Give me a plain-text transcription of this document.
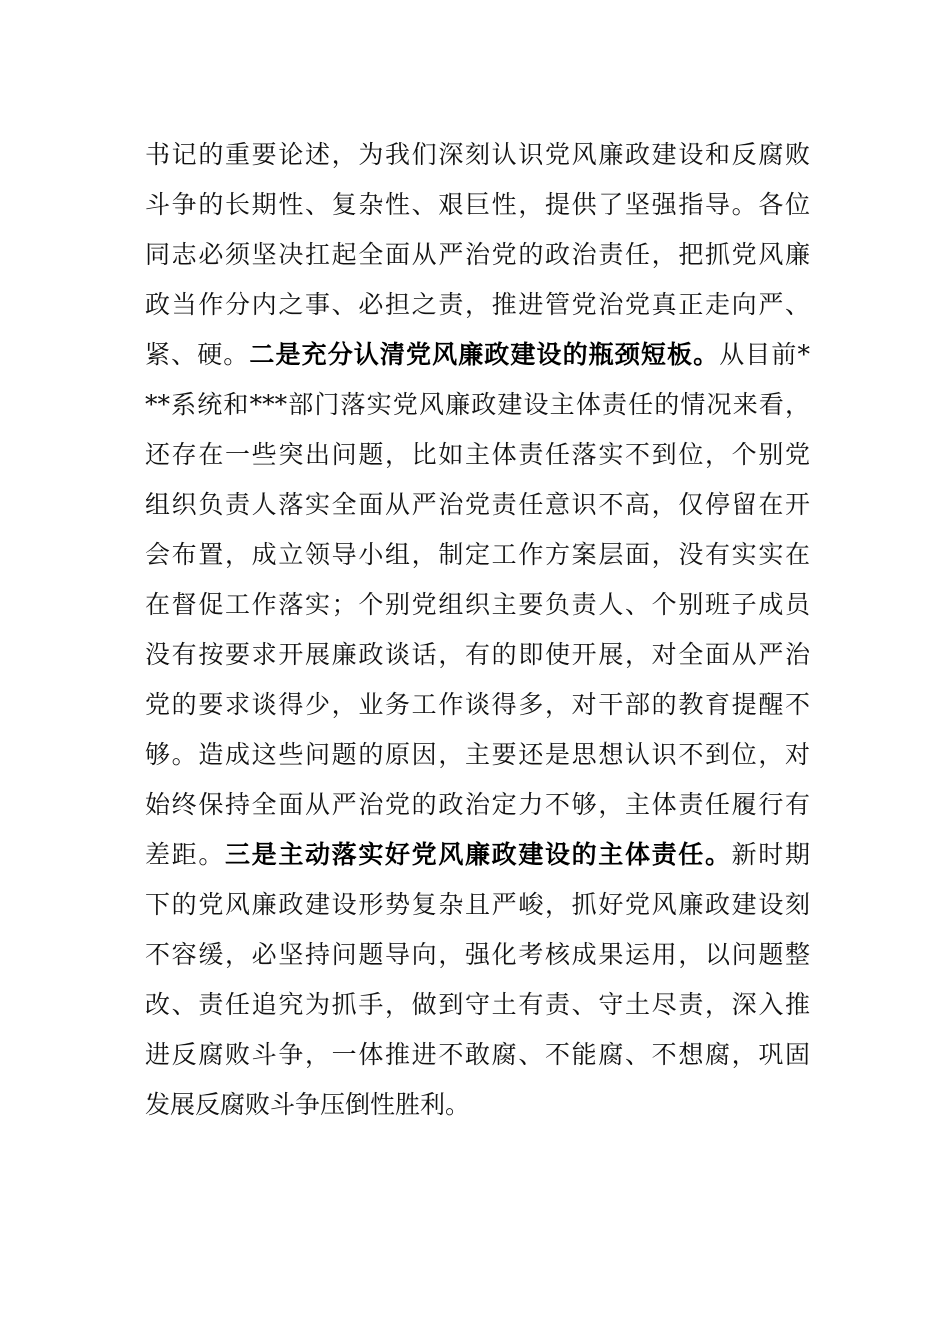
书记的重要论述，为我们深刻认识党风廉政建设和反腐败
斗争的长期性、复杂性、艰巨性，提供了坚强指导。各位
同志必须坚决扛起全面从严治党的政治责任，把抓党风廉
政当作分内之事、必担之责，推进管党治党真正走向严、
紧、硬。二是充分认清党风廉政建设的瓶颈短板。从目前*
**系统和***部门落实党风廉政建设主体责任的情况来看，
还存在一些突出问题，比如主体责任落实不到位，个别党
组织负责人落实全面从严治党责任意识不高，仅停留在开
会布置，成立领导小组，制定工作方案层面，没有实实在
在督促工作落实；个别党组织主要负责人、个别班子成员
没有按要求开展廉政谈话，有的即使开展，对全面从严治
党的要求谈得少，业务工作谈得多，对干部的教育提醒不
够。造成这些问题的原因，主要还是思想认识不到位，对
始终保持全面从严治党的政治定力不够，主体责任履行有
差距。三是主动落实好党风廉政建设的主体责任。新时期
下的党风廉政建设形势复杂且严峻，抓好党风廉政建设刻
不容缓，必坚持问题导向，强化考核成果运用，以问题整
改、责任追究为抓手，做到守土有责、守土尽责，深入推
进反腐败斗争，一体推进不敢腐、不能腐、不想腐，巩固
发展反腐败斗争压倒性胜利。
